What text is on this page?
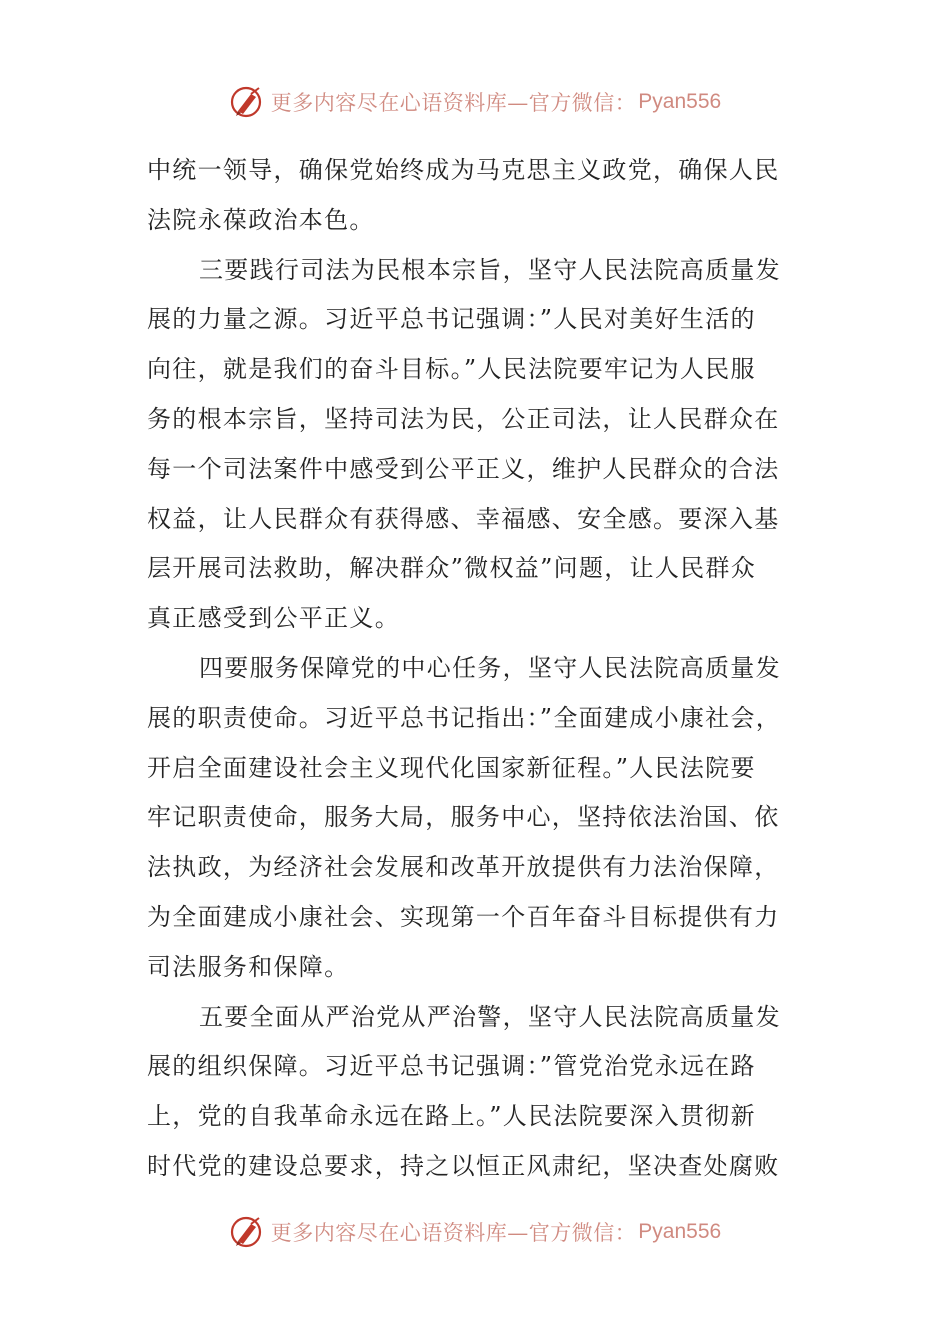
更多内容尽在心语资料库—官方微信： Pyan556
中统一领导，确保党始终成为马克思主义政党，确保人民
法院永葆政治本色。
三要践行司法为民根本宗旨，坚守人民法院高质量发
展的力量之源。习近平总书记强调：”人民对美好生活的
向往，就是我们的奋斗目标。”人民法院要牢记为人民服
务的根本宗旨，坚持司法为民，公正司法，让人民群众在
每一个司法案件中感受到公平正义，维护人民群众的合法
权益，让人民群众有获得感、幸福感、安全感。要深入基
层开展司法救助，解决群众”微权益”问题，让人民群众
真正感受到公平正义。
四要服务保障党的中心任务，坚守人民法院高质量发
展的职责使命。习近平总书记指出：”全面建成小康社会，
开启全面建设社会主义现代化国家新征程。”人民法院要
牢记职责使命，服务大局，服务中心，坚持依法治国、依
法执政，为经济社会发展和改革开放提供有力法治保障，
为全面建成小康社会、实现第一个百年奋斗目标提供有力
司法服务和保障。
五要全面从严治党从严治警，坚守人民法院高质量发
展的组织保障。习近平总书记强调：”管党治党永远在路
上，党的自我革命永远在路上。”人民法院要深入贯彻新
时代党的建设总要求，持之以恒正风肃纪，坚决查处腐败
更多内容尽在心语资料库—官方微信： Pyan556
